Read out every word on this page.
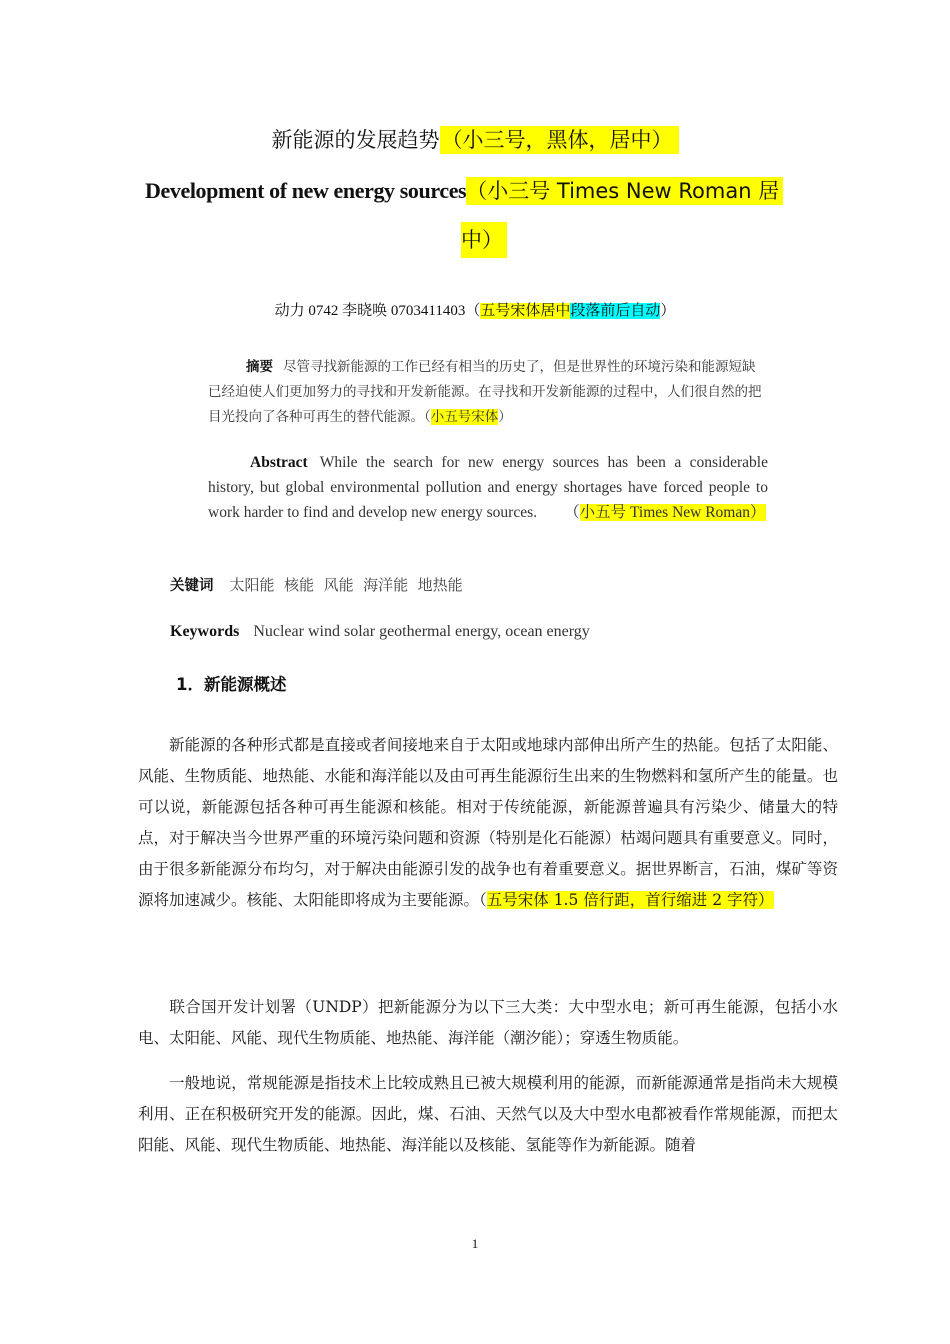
新能源的发展趋势（小三号，黑体，居中）
Development of new energy sources（小三号 Times New Roman 居
中）
动力 0742 李晓唤 0703411403（五号宋体居中段落前后自动）
摘要 尽管寻找新能源的工作已经有相当的历史了，但是世界性的环境污染和能源短缺已经迫使人们更加努力的寻找和开发新能源。在寻找和开发新能源的过程中，人们很自然的把目光投向了各种可再生的替代能源。（小五号宋体）
Abstract While the search for new energy sources has been a considerable history, but global environmental pollution and energy shortages have forced people to work harder to find and develop new energy sources. （小五号 Times New Roman）
关键词 太阳能  核能  风能  海洋能  地热能
Keywords Nuclear wind solar geothermal energy, ocean energy
1．新能源概述
新能源的各种形式都是直接或者间接地来自于太阳或地球内部伸出所产生的热能。包括了太阳能、风能、生物质能、地热能、水能和海洋能以及由可再生能源衍生出来的生物燃料和氢所产生的能量。也可以说，新能源包括各种可再生能源和核能。相对于传统能源，新能源普遍具有污染少、储量大的特点，对于解决当今世界严重的环境污染问题和资源（特别是化石能源）枯竭问题具有重要意义。同时，由于很多新能源分布均匀，对于解决由能源引发的战争也有着重要意义。据世界断言，石油，煤矿等资源将加速减少。核能、太阳能即将成为主要能源。（五号宋体 1.5 倍行距，首行缩进 2 字符）
联合国开发计划署（UNDP）把新能源分为以下三大类：大中型水电；新可再生能源，包括小水电、太阳能、风能、现代生物质能、地热能、海洋能（潮汐能）；穿透生物质能。
一般地说，常规能源是指技术上比较成熟且已被大规模利用的能源，而新能源通常是指尚未大规模利用、正在积极研究开发的能源。因此，煤、石油、天然气以及大中型水电都被看作常规能源，而把太阳能、风能、现代生物质能、地热能、海洋能以及核能、氢能等作为新能源。随着
1
